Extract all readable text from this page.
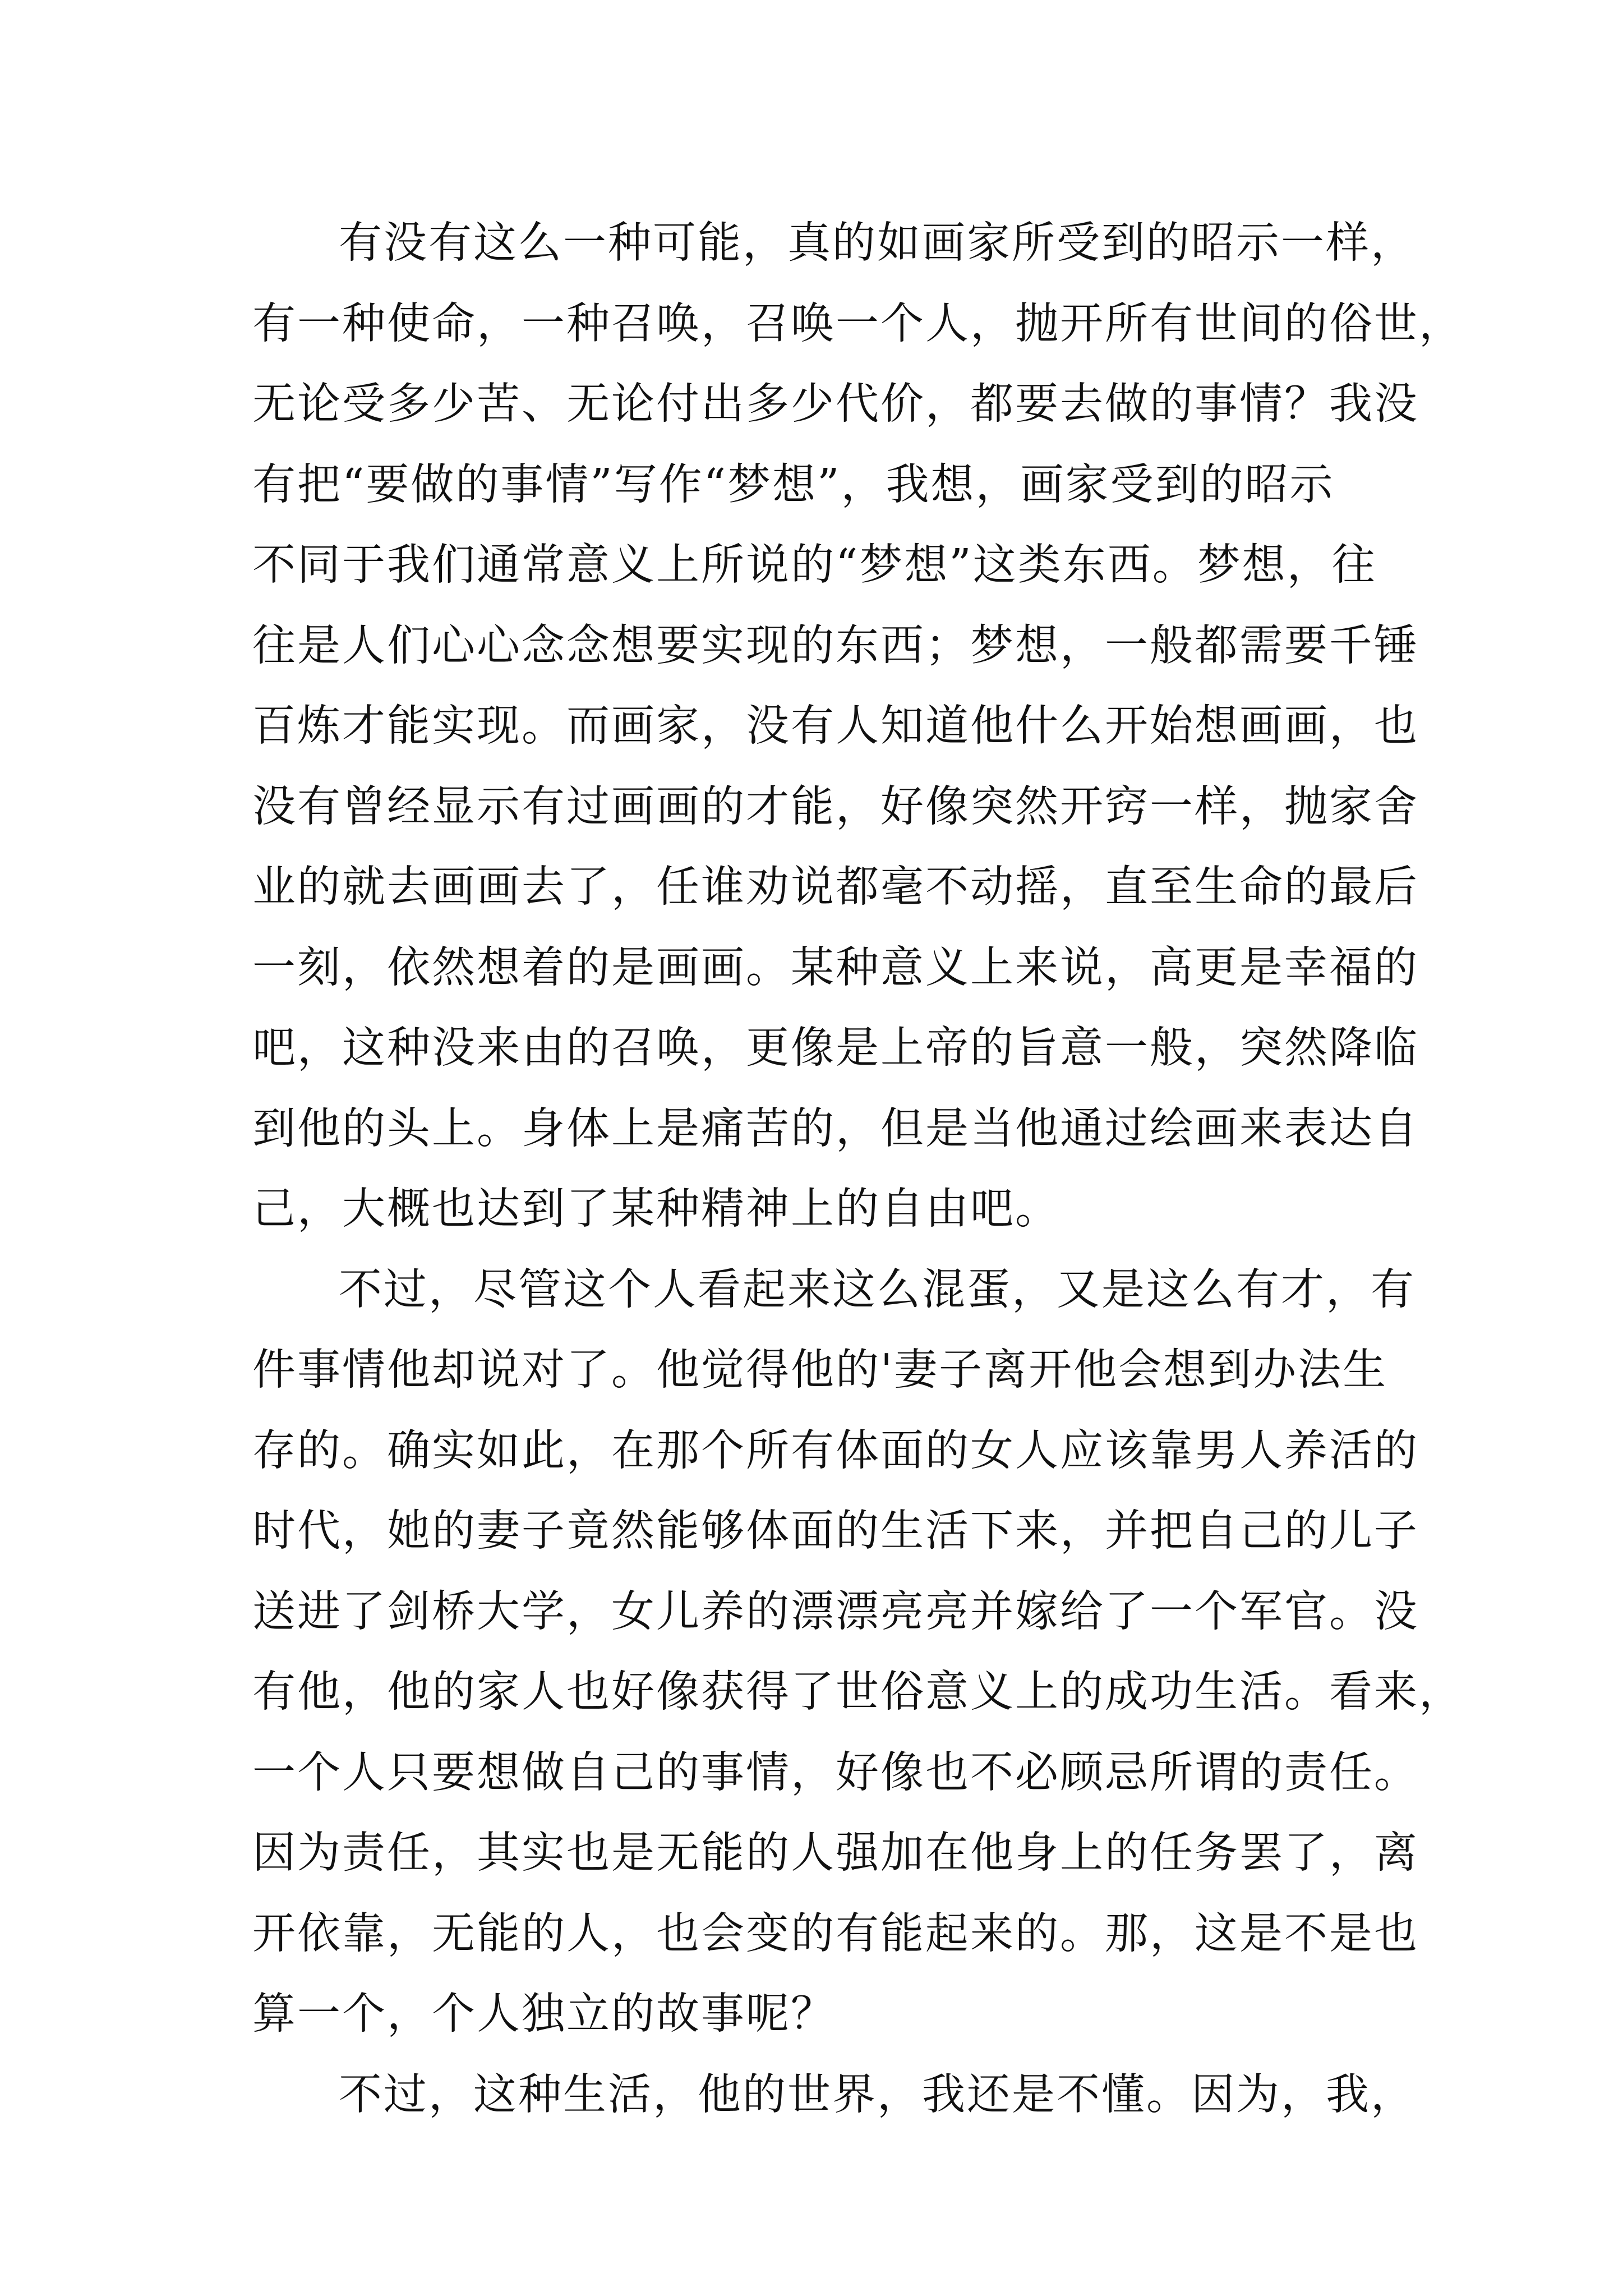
有没有这么一种可能，真的如画家所受到的昭示一样，
有一种使命，一种召唤，召唤一个人，抛开所有世间的俗世，
无论受多少苦、无论付出多少代价，都要去做的事情？我没
有把“要做的事情”写作“梦想”，我想，画家受到的昭示
不同于我们通常意义上所说的“梦想”这类东西。梦想，往
往是人们心心念念想要实现的东西；梦想，一般都需要千锤
百炼才能实现。而画家，没有人知道他什么开始想画画，也
没有曾经显示有过画画的才能，好像突然开窍一样，抛家舍
业的就去画画去了，任谁劝说都毫不动摇，直至生命的最后
一刻，依然想着的是画画。某种意义上来说，高更是幸福的
吧，这种没来由的召唤，更像是上帝的旨意一般，突然降临
到他的头上。身体上是痛苦的，但是当他通过绘画来表达自
己，大概也达到了某种精神上的自由吧。
不过，尽管这个人看起来这么混蛋，又是这么有才，有
件事情他却说对了。他觉得他的'妻子离开他会想到办法生
存的。确实如此，在那个所有体面的女人应该靠男人养活的
时代，她的妻子竟然能够体面的生活下来，并把自己的儿子
送进了剑桥大学，女儿养的漂漂亮亮并嫁给了一个军官。没
有他，他的家人也好像获得了世俗意义上的成功生活。看来，
一个人只要想做自己的事情，好像也不必顾忌所谓的责任。
因为责任，其实也是无能的人强加在他身上的任务罢了，离
开依靠，无能的人，也会变的有能起来的。那，这是不是也
算一个，个人独立的故事呢？
不过，这种生活，他的世界，我还是不懂。因为，我，
